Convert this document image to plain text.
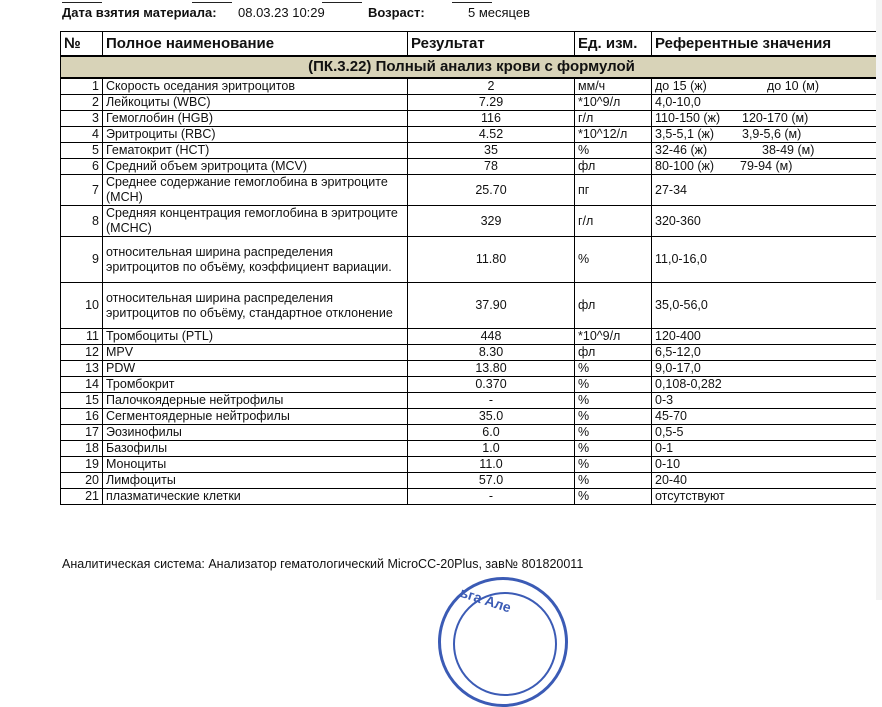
Дата взятия материала: 08.03.23 10:29	Возраст:	5 месяцев
№	Полное наименование	Результат	Ед. изм.	Референтные значения
(ПК.3.22) Полный анализ крови с формулой				
1	Скорость оседания эритроцитов	2	мм/ч	до 15 (ж) до 10 (м)

2	Лейкоциты (WBC)	7.29	*10^9/л	4,0-10,0
3	Гемоглобин (HGB)	116	г/л	110-150 (ж) 120-170 (м)

4	Эритроциты (RBC)	4.52	*10^12/л	3,5-5,1 (ж) 3,9-5,6 (м)

5	Гематокрит (HCT)	35	%	32-46 (ж) 38-49 (м)

6	Средний объем эритроцита (MCV)	78	фл	80-100 (ж) 79-94 (м)

7	Среднее содержание гемоглобина в эритроците (MCH)	25.70	пг	27-34
8	Средняя концентрация гемоглобина в эритроците (MCHC)	329	г/л	320-360
9	относительная ширина распределения эритроцитов по объёму, коэффициент вариации.	11.80	%	11,0-16,0
10	относительная ширина распределения эритроцитов по объёму, стандартное отклонение	37.90	фл	35,0-56,0
11	Тромбоциты (PTL)	448	*10^9/л	120-400
12	MPV	8.30	фл	6,5-12,0
13	PDW	13.80	%	9,0-17,0
14	Тромбокрит	0.370	%	0,108-0,282
15	Палочкоядерные нейтрофилы	-	%	0-3
16	Сегментоядерные нейтрофилы	35.0	%	45-70
17	Эозинофилы	6.0	%	0,5-5
18	Базофилы	1.0	%	0-1
19	Моноциты	11.0	%	0-10
20	Лимфоциты	57.0	%	20-40
21	плазматические клетки	-	%	отсутствуют
Аналитическая система: Анализатор гематологический MicroCC-20Plus, зав№ 801820011
ьга Але
